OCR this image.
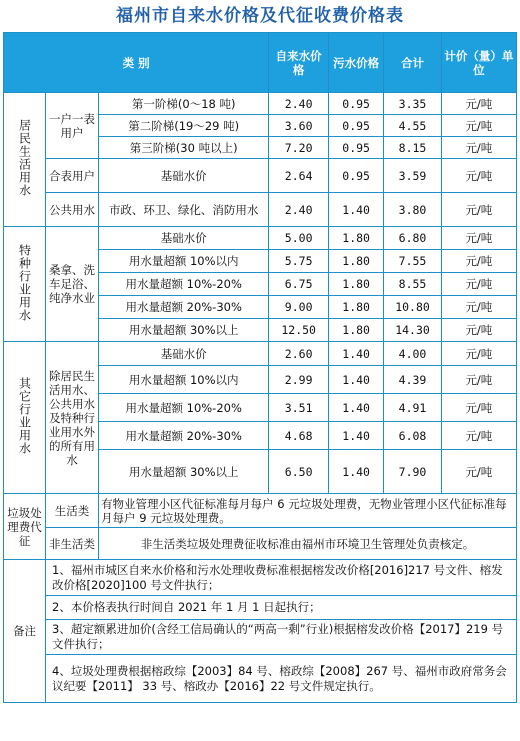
福州市自来水价格及代征收费价格表
类 别			自来水价格	污水价格	合计	计价（量）单位
居民生活用水	一户一表用户	第一阶梯(0～18 吨)	2.40	0.95	3.35	元/吨
		第二阶梯(19～29 吨)	3.60	0.95	4.55	元/吨
		第三阶梯(30 吨以上)	7.20	0.95	8.15	元/吨
	合表用户	基础水价	2.64	0.95	3.59	元/吨
	公共用水	市政、环卫、绿化、消防用水	2.40	1.40	3.80	元/吨
特种行业用水	桑拿、洗车足浴、纯净水业	基础水价	5.00	1.80	6.80	元/吨
		用水量超额 10%以内	5.75	1.80	7.55	元/吨
		用水量超额 10%-20%	6.75	1.80	8.55	元/吨
		用水量超额 20%-30%	9.00	1.80	10.80	元/吨
		用水量超额 30%以上	12.50	1.80	14.30	元/吨
其它行业用水	除居民生活用水、公共用水及特种行业用水外的所有用水	基础水价	2.60	1.40	4.00	元/吨
		用水量超额 10%以内	2.99	1.40	4.39	元/吨
		用水量超额 10%-20%	3.51	1.40	4.91	元/吨
		用水量超额 20%-30%	4.68	1.40	6.08	元/吨
		用水量超额 30%以上	6.50	1.40	7.90	元/吨
垃圾处理费代征	生活类	有物业管理小区代征标准每月每户 6 元垃圾处理费，无物业管理小区代征标准每月每户 9 元垃圾处理费。				
	非生活类	非生活类垃圾处理费征收标准由福州市环境卫生管理处负责核定。				
备注	1、福州市城区自来水价格和污水处理收费标准根据榕发改价格[2016]217 号文件、榕发改价格[2020]100 号文件执行；					
	2、本价格表执行时间自 2021 年 1 月 1 日起执行；					
	3、超定额累进加价(含经工信局确认的“两高一剩”行业)根据榕发改价格【2017】219 号文件执行；					
	4、垃圾处理费根据榕政综【2003】84 号、榕政综【2008】267 号、福州市政府常务会议纪要【2011】 33 号、榕政办【2016】22 号文件规定执行。					
